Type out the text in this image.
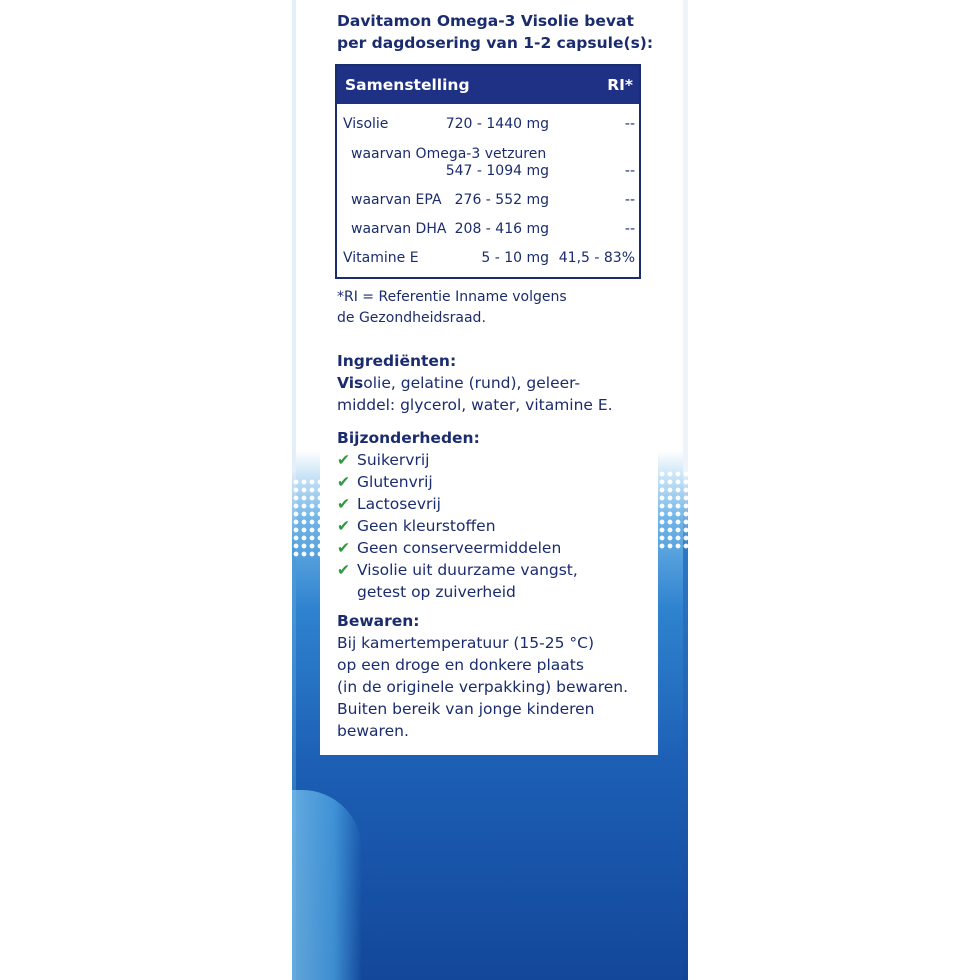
Davitamon Omega-3 Visolie bevat
per dagdosering van 1-2 capsule(s):
Samenstelling	RI*
Visolie	720 - 1440 mg	--
waarvan Omega-3 vetzuren
547 - 1094 mg	--
waarvan EPA 276 - 552 mg	--
waarvan DHA 208 - 416 mg	--
Vitamine E	5 - 10 mg 41,5 - 83%
*RI = Referentie Inname volgens
de Gezondheidsraad.
Ingrediënten:
Visolie, gelatine (rund), geleer-
middel: glycerol, water, vitamine E.
Bijzonderheden:
✔ Suikervrij
✔ Glutenvrij
✔ Lactosevrij
✔ Geen kleurstoffen
✔ Geen conserveermiddelen
✔ Visolie uit duurzame vangst,
getest op zuiverheid
Bewaren:
Bij kamertemperatuur (15-25 °C)
op een droge en donkere plaats
(in de originele verpakking) bewaren.
Buiten bereik van jonge kinderen
bewaren.
